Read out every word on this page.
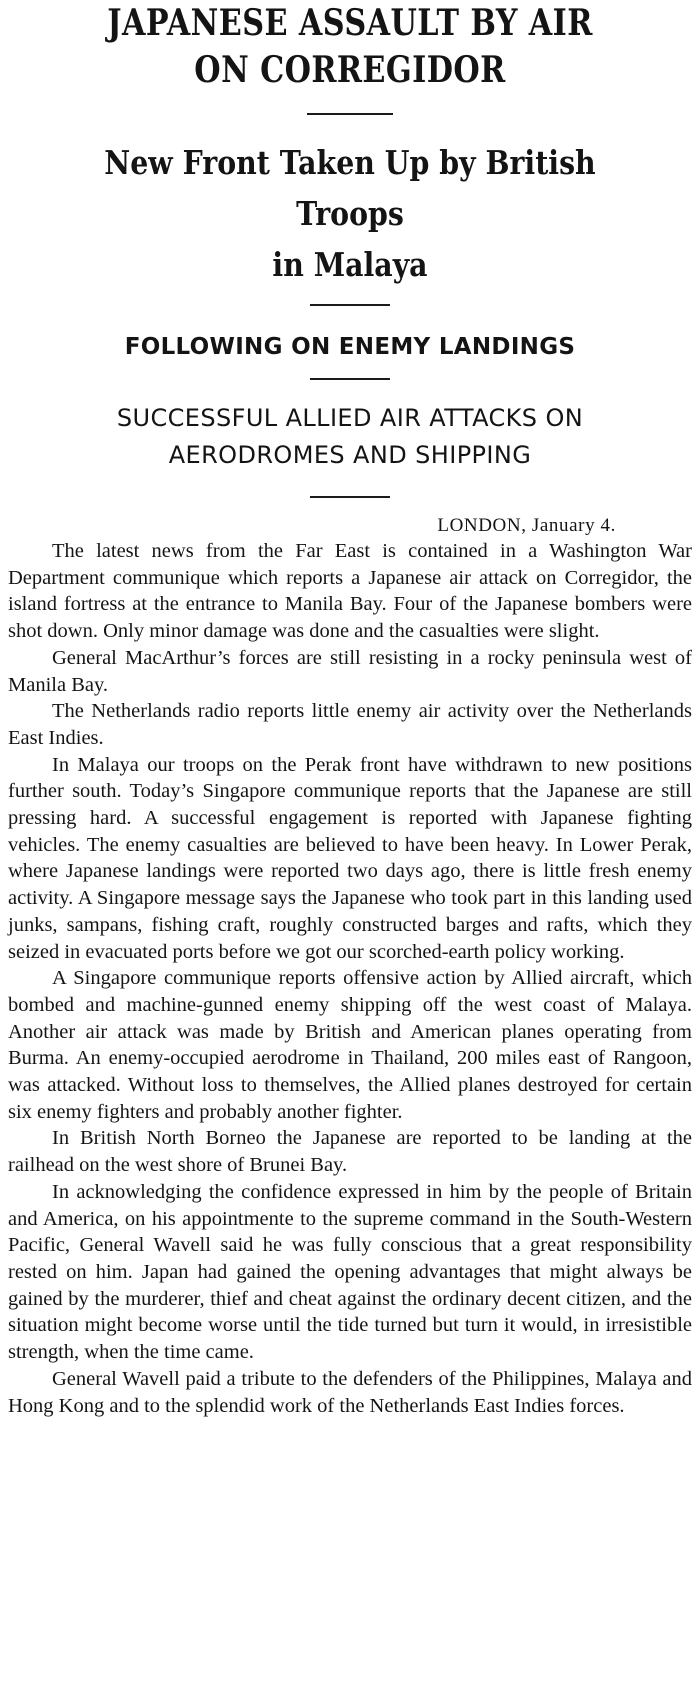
JAPANESE ASSAULT BY AIR
ON CORREGIDOR
New Front Taken Up by British Troops
in Malaya
FOLLOWING ON ENEMY LANDINGS
SUCCESSFUL ALLIED AIR ATTACKS ON
AERODROMES AND SHIPPING
LONDON, January 4.

The latest news from the Far East is contained in a Washington War Department communique which reports a Japanese air attack on Corregidor, the island fortress at the entrance to Manila Bay. Four of the Japanese bombers were shot down. Only minor damage was done and the casualties were slight.

General MacArthur’s forces are still resisting in a rocky peninsula west of Manila Bay.

The Netherlands radio reports little enemy air activity over the Netherlands East Indies.

In Malaya our troops on the Perak front have withdrawn to new positions further south. Today’s Singapore communique reports that the Japanese are still pressing hard. A successful engagement is reported with Japanese fighting vehicles. The enemy casualties are believed to have been heavy. In Lower Perak, where Japanese landings were reported two days ago, there is little fresh enemy activity. A Singapore message says the Japanese who took part in this landing used junks, sampans, fishing craft, roughly constructed barges and rafts, which they seized in evacuated ports before we got our scorched-earth policy working.

A Singapore communique reports offensive action by Allied aircraft, which bombed and machine-gunned enemy shipping off the west coast of Malaya. Another air attack was made by British and American planes operating from Burma. An enemy-occupied aerodrome in Thailand, 200 miles east of Rangoon, was attacked. Without loss to themselves, the Allied planes destroyed for certain six enemy fighters and probably another fighter.

In British North Borneo the Japanese are reported to be landing at the railhead on the west shore of Brunei Bay.

In acknowledging the confidence expressed in him by the people of Britain and America, on his appointmente to the supreme command in the South-Western Pacific, General Wavell said he was fully conscious that a great responsibility rested on him. Japan had gained the opening advantages that might always be gained by the murderer, thief and cheat against the ordinary decent citizen, and the situation might become worse until the tide turned but turn it would, in irresistible strength, when the time came.

General Wavell paid a tribute to the defenders of the Philippines, Malaya and Hong Kong and to the splendid work of the Netherlands East Indies forces.
